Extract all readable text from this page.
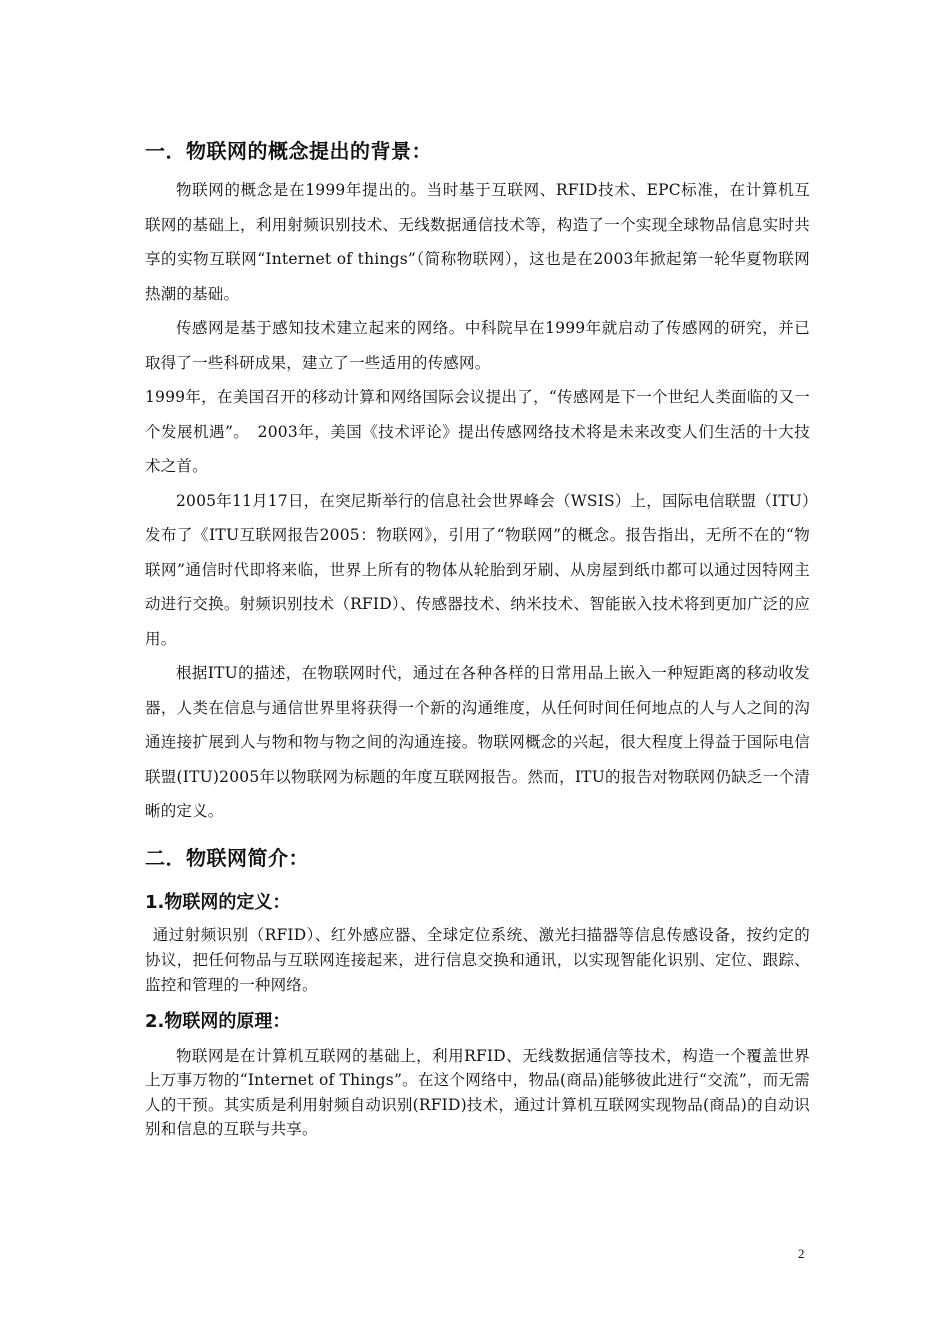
一．物联网的概念提出的背景：

物联网的概念是在1999年提出的。当时基于互联网、RFID技术、EPC标准，在计算机互联网的基础上，利用射频识别技术、无线数据通信技术等，构造了一个实现全球物品信息实时共享的实物互联网“Internet of things”（简称物联网），这也是在2003年掀起第一轮华夏物联网热潮的基础。

传感网是基于感知技术建立起来的网络。中科院早在1999年就启动了传感网的研究，并已取得了一些科研成果，建立了一些适用的传感网。

1999年，在美国召开的移动计算和网络国际会议提出了，“传感网是下一个世纪人类面临的又一个发展机遇”。　2003年，美国《技术评论》提出传感网络技术将是未来改变人们生活的十大技术之首。

2005年11月17日，在突尼斯举行的信息社会世界峰会（WSIS）上，国际电信联盟（ITU）发布了《ITU互联网报告2005：物联网》，引用了“物联网”的概念。报告指出，无所不在的“物联网”通信时代即将来临，世界上所有的物体从轮胎到牙刷、从房屋到纸巾都可以通过因特网主动进行交换。射频识别技术（RFID）、传感器技术、纳米技术、智能嵌入技术将到更加广泛的应用。

根据ITU的描述，在物联网时代，通过在各种各样的日常用品上嵌入一种短距离的移动收发器，人类在信息与通信世界里将获得一个新的沟通维度，从任何时间任何地点的人与人之间的沟通连接扩展到人与物和物与物之间的沟通连接。物联网概念的兴起，很大程度上得益于国际电信联盟(ITU)2005年以物联网为标题的年度互联网报告。然而，ITU的报告对物联网仍缺乏一个清晰的定义。

二．物联网简介：
1.物联网的定义：

通过射频识别（RFID）、红外感应器、全球定位系统、激光扫描器等信息传感设备，按约定的协议，把任何物品与互联网连接起来，进行信息交换和通讯，以实现智能化识别、定位、跟踪、监控和管理的一种网络。

2.物联网的原理：

物联网是在计算机互联网的基础上，利用RFID、无线数据通信等技术，构造一个覆盖世界上万事万物的“Internet of Things”。在这个网络中，物品(商品)能够彼此进行“交流”，而无需人的干预。其实质是利用射频自动识别(RFID)技术，通过计算机互联网实现物品(商品)的自动识别和信息的互联与共享。

2
